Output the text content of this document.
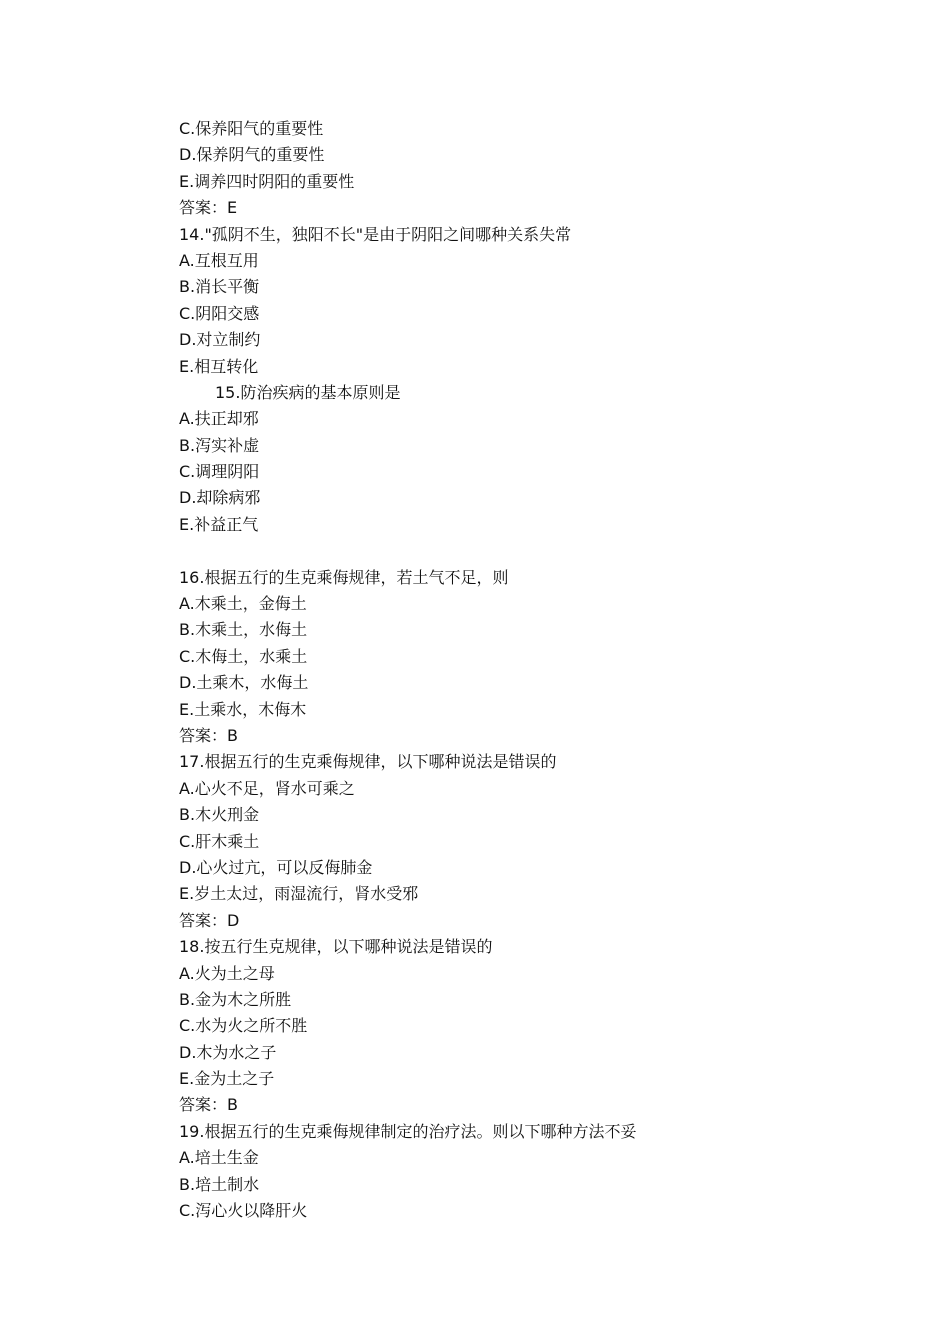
C.保养阳气的重要性
D.保养阴气的重要性
E.调养四时阴阳的重要性
答案：E
14."孤阴不生，独阳不长"是由于阴阳之间哪种关系失常
A.互根互用
B.消长平衡
C.阴阳交感
D.对立制约
E.相互转化
15.防治疾病的基本原则是
A.扶正却邪
B.泻实补虚
C.调理阴阳
D.却除病邪
E.补益正气
16.根据五行的生克乘侮规律，若土气不足，则
A.木乘土，金侮土
B.木乘土，水侮土
C.木侮土，水乘土
D.土乘木，水侮土
E.土乘水，木侮木
答案：B
17.根据五行的生克乘侮规律，以下哪种说法是错误的
A.心火不足，肾水可乘之
B.木火刑金
C.肝木乘土
D.心火过亢，可以反侮肺金
E.岁土太过，雨湿流行，肾水受邪
答案：D
18.按五行生克规律，以下哪种说法是错误的
A.火为土之母
B.金为木之所胜
C.水为火之所不胜
D.木为水之子
E.金为土之子
答案：B
19.根据五行的生克乘侮规律制定的治疗法。则以下哪种方法不妥
A.培土生金
B.培土制水
C.泻心火以降肝火
